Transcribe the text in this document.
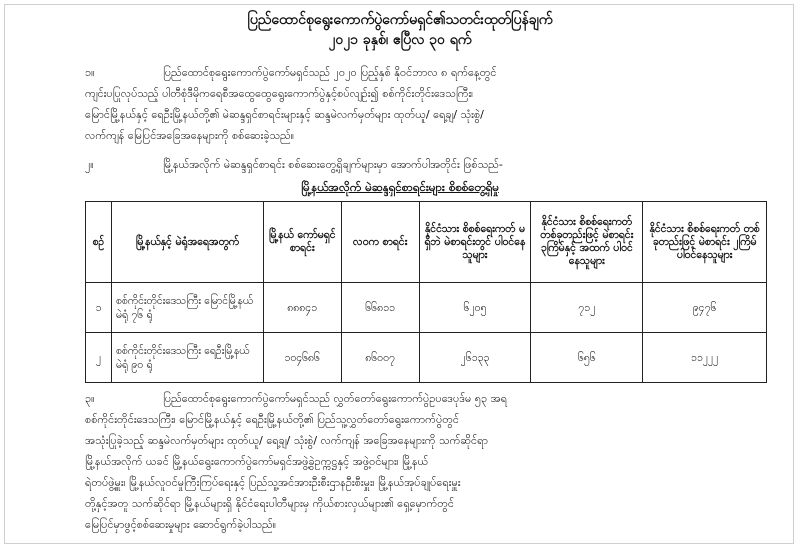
ပြည်ထောင်စုရွေးကောက်ပွဲကော်မရှင်၏သတင်းထုတ်ပြန်ချက်
၂၀၂၁ ခုနှစ်၊ ဧပြီလ ၃၀ ရက်
၁။	ပြည်ထောင်စုရွေးကောက်ပွဲကော်မရှင်သည် ၂၀၂၀ ပြည့်နှစ် နိုဝင်ဘာလ ၈ ရက်နေ့တွင်
ကျင်းပပြုလုပ်သည့် ပါတီစုံဒီမိုကရေစီအထွေထွေရွေးကောက်ပွဲနှင့်စပ်လျဉ်း၍ စစ်ကိုင်းတိုင်းဒေသကြီး၊
မြောင်မြို့နယ်နှင့် ရေဦးမြို့နယ်တို့၏ မဲဆန္ဒရှင်စာရင်းများနှင့် ဆန္ဒမဲလက်မှတ်များ ထုတ်ယူ/ ရေ့ချ/ သုံးစွဲ/
လက်ကျန် မြေပြင်အခြေအနေများကို စစ်ဆေးခဲ့သည်။
၂။	မြို့နယ်အလိုက် မဲဆန္ဒရှင်စာရင်း စစ်ဆေးတွေ့ရှိချက်များမှာ အောက်ပါအတိုင်း ဖြစ်သည်-
မြို့နယ်အလိုက် မဲဆန္ဒရှင်စာရင်းများ စိစစ်တွေ့ရှိမှု
စဉ်	မြို့နယ်နှင့် မဲရုံအရေအတွက်	မြို့နယ် ကော်မရှင် စာရင်း	လဝက စာရင်း	နိုင်ငံသား စိစစ်ရေးကတ် မရှိဘဲ မဲစာရင်းတွင် ပါဝင်နေသူများ	နိုင်ငံသား စိစစ်ရေးကတ် တစ်ခုတည်းဖြင့် မဲစာရင်း ၃ကြိမ်နှင့် အထက် ပါဝင်နေသူများ	နိုင်ငံသား စိစစ်ရေးကတ် တစ်ခုတည်းဖြင့် မဲစာရင်း ၂ကြိမ် ပါဝင်နေသူများ
၁	စစ်ကိုင်းတိုင်းဒေသကြီး မြောင်မြို့နယ် မဲရုံ ၇၆ ရုံ	၈၈၈၄၁	၆၆၈၁၁	၆၂၀၅	၇၁၂	၉၄၇၆
၂	စစ်ကိုင်းတိုင်းဒေသကြီး ရေဦးမြို့နယ် မဲရုံ ၉၀ ရုံ	၁၀၄၆၈၆	၈၆၀၀၇	၂၆၁၃၃	၆၅၆	၁၁၂၂၂
၃။	ပြည်ထောင်စုရွေးကောက်ပွဲကော်မရှင်သည် လွှတ်တော်ရွေးကောက်ပွဲဥပဒေပုဒ်မ ၅၃ အရ
စစ်ကိုင်းတိုင်းဒေသကြီး၊ မြောင်မြို့နယ်နှင့် ရေဦးမြို့နယ်တို့၏ ပြည်သူ့လွှတ်တော်ရွေးကောက်ပွဲတွင်
အသုံးပြုခဲ့သည့် ဆန္ဒမဲလက်မှတ်များ ထုတ်ယူ/ ရေ့ချ/ သုံးစွဲ/ လက်ကျန် အခြေအနေများကို သက်ဆိုင်ရာ
မြို့နယ်အလိုက် ယခင် မြို့နယ်ရွေးကောက်ပွဲကော်မရှင်အဖွဲ့ခွဲဥက္ကဋ္ဌနှင့် အဖွဲ့ဝင်များ၊ မြို့နယ်
ရဲတပ်ဖွဲ့မှူး၊ မြို့နယ်လူဝင်မှုကြီးကြပ်ရေးနှင့် ပြည်သူ့အင်အားဦးစီးဌာနဦးစီးမှူး၊ မြို့နယ်အုပ်ချုပ်ရေးမှူး
တို့နှင့်အတူ သက်ဆိုင်ရာ မြို့နယ်များရှိ နိုင်ငံရေးပါတီများမှ ကိုယ်စားလှယ်များ၏ ရှေ့မှောက်တွင်
မြေပြင်မှာဖွင့်စစ်ဆေးမှုများ ဆောင်ရွက်ခဲ့ပါသည်။
